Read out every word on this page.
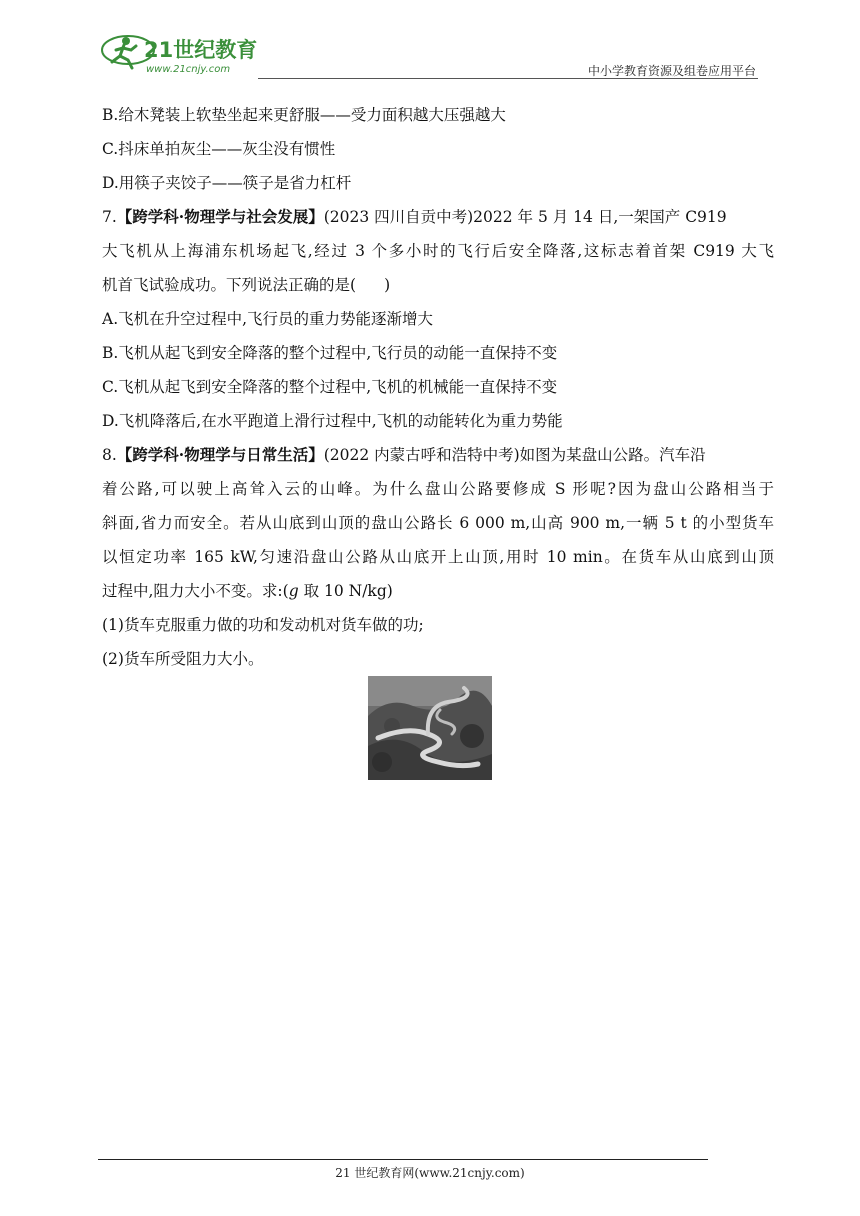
21世纪教育
www.21cnjy.com	中小学教育资源及组卷应用平台

B.给木凳装上软垫坐起来更舒服——受力面积越大压强越大

C.抖床单拍灰尘——灰尘没有惯性

D.用筷子夹饺子——筷子是省力杠杆

7.【跨学科·物理学与社会发展】(2023 四川自贡中考)2022 年 5 月 14 日,一架国产 C919

大飞机从上海浦东机场起飞,经过 3 个多小时的飞行后安全降落,这标志着首架 C919 大飞

机首飞试验成功。下列说法正确的是( )

A.飞机在升空过程中,飞行员的重力势能逐渐增大

B.飞机从起飞到安全降落的整个过程中,飞行员的动能一直保持不变

C.飞机从起飞到安全降落的整个过程中,飞机的机械能一直保持不变

D.飞机降落后,在水平跑道上滑行过程中,飞机的动能转化为重力势能

8.【跨学科·物理学与日常生活】(2022 内蒙古呼和浩特中考)如图为某盘山公路。汽车沿

着公路,可以驶上高耸入云的山峰。为什么盘山公路要修成 S 形呢?因为盘山公路相当于

斜面,省力而安全。若从山底到山顶的盘山公路长 6 000 m,山高 900 m,一辆 5 t 的小型货车

以恒定功率 165 kW,匀速沿盘山公路从山底开上山顶,用时 10 min。在货车从山底到山顶

过程中,阻力大小不变。求:(g 取 10 N/kg)

(1)货车克服重力做的功和发动机对货车做的功;

(2)货车所受阻力大小。

21 世纪教育网(www.21cnjy.com)
